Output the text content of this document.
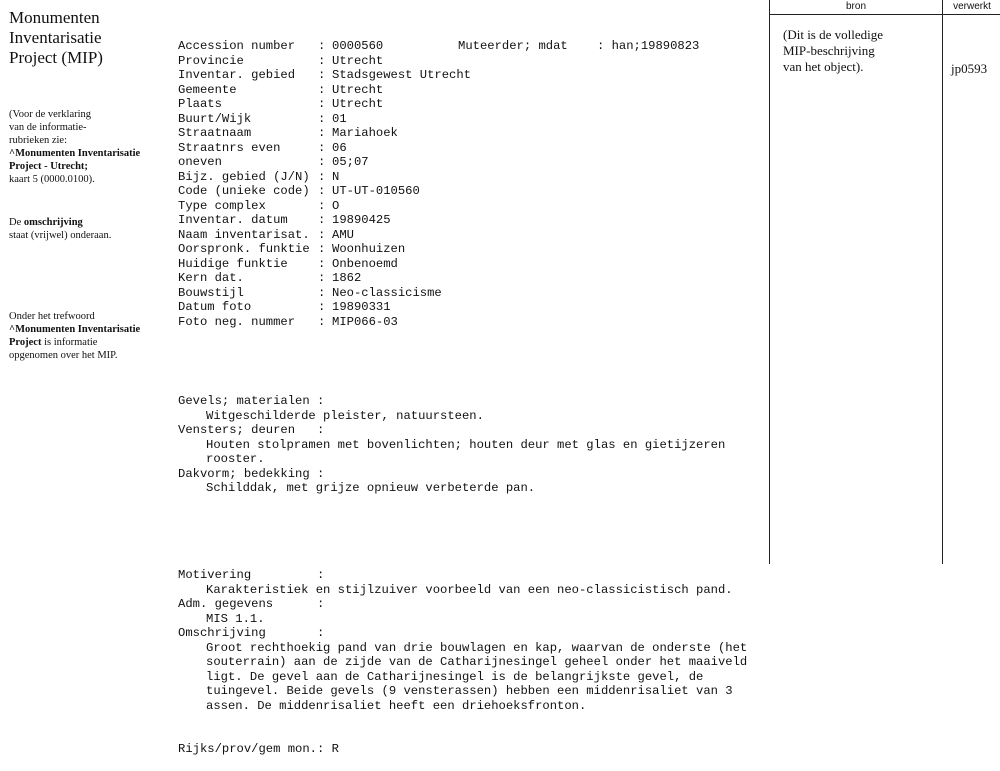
Monumenten
Inventarisatie
Project (MIP)
(Voor de verklaring
van de informatie-
rubrieken zie:
^Monumenten Inventarisatie
Project - Utrecht;
kaart 5 (0000.0100).
De omschrijving
staat (vrijwel) onderaan.
Onder het trefwoord
^Monumenten Inventarisatie
Project is informatie
opgenomen over het MIP.

Accession number : 0000560	Muteerder; mdat    : han;19890823
Provincie	: Utrecht
Inventar. gebied : Stadsgewest Utrecht
Gemeente	: Utrecht
Plaats	: Utrecht
Buurt/Wijk	: 01
Straatnaam	: Mariahoek
Straatnrs even	: 06
oneven	: 05;07
Bijz. gebied (J/N) : N
Code (unieke code) : UT-UT-010560
Type complex	: O
Inventar. datum : 19890425
Naam inventarisat. : AMU
Oorspronk. funktie : Woonhuizen
Huidige funktie : Onbenoemd
Kern dat.	: 1862
Bouwstijl	: Neo-classicisme
Datum foto	: 19890331
Foto neg. nummer : MIP066-03

Gevels; materialen :
Witgeschilderde pleister, natuursteen.
Vensters; deuren   :
Houten stolpramen met bovenlichten; houten deur met glas en gietijzeren
rooster.
Dakvorm; bedekking :
Schilddak, met grijze opnieuw verbeterde pan.

Motivering         :
Karakteristiek en stijlzuiver voorbeeld van een neo-classicistisch pand.
Adm. gegevens      :
MIS 1.1.
Omschrijving       :
Groot rechthoekig pand van drie bouwlagen en kap, waarvan de onderste (het
souterrain) aan de zijde van de Catharijnesingel geheel onder het maaiveld
ligt. De gevel aan de Catharijnesingel is de belangrijkste gevel, de
tuingevel. Beide gevels (9 vensterassen) hebben een middenrisaliet van 3
assen. De middenrisaliet heeft een driehoeksfronton.

Rijks/prov/gem mon.: R

bron	verwerkt
(Dit is de volledige
MIP-beschrijving
van het object).	jp0593
